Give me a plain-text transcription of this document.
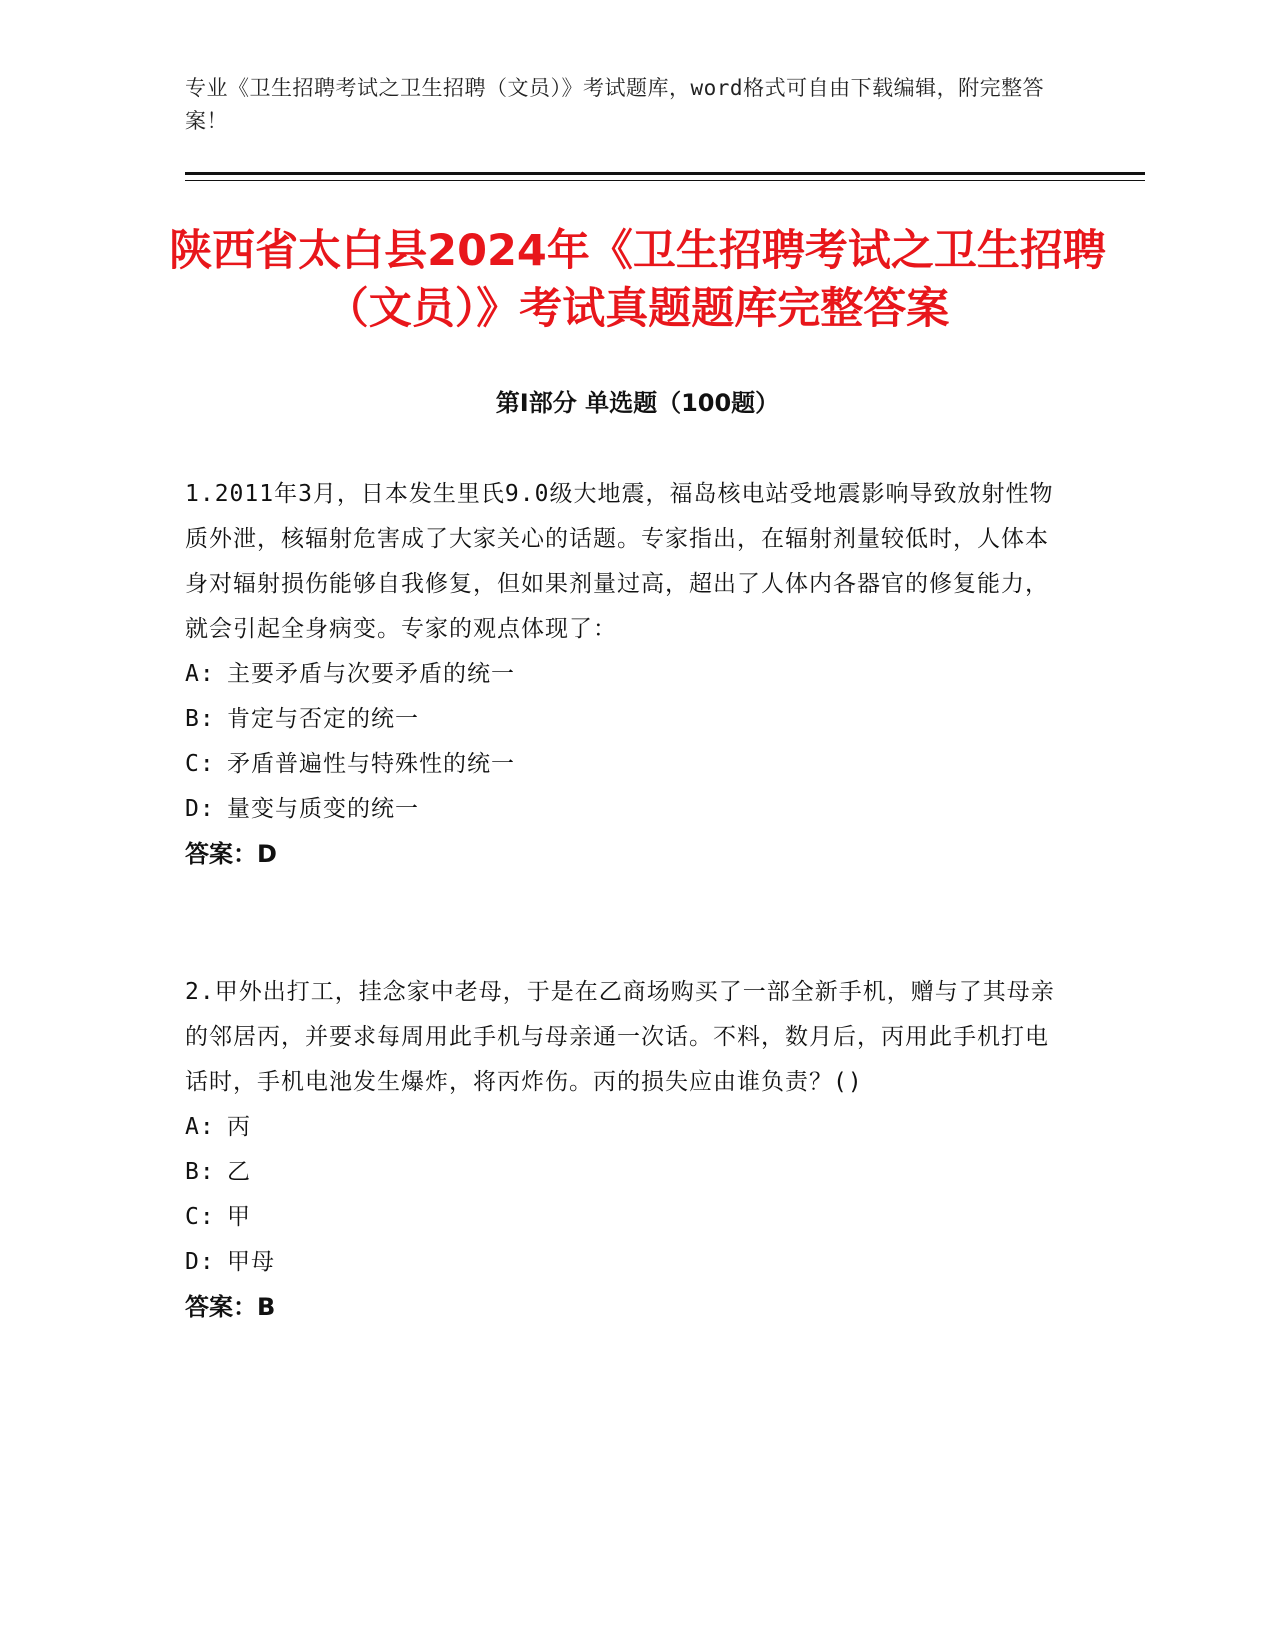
专业《卫生招聘考试之卫生招聘（文员）》考试题库，word格式可自由下载编辑，附完整答案！
陕西省太白县2024年《卫生招聘考试之卫生招聘（文员）》考试真题题库完整答案
第I部分 单选题（100题）

1.2011年3月，日本发生里氏9.0级大地震，福岛核电站受地震影响导致放射性物质外泄，核辐射危害成了大家关心的话题。专家指出，在辐射剂量较低时，人体本身对辐射损伤能够自我修复，但如果剂量过高，超出了人体内各器官的修复能力，就会引起全身病变。专家的观点体现了：

A: 主要矛盾与次要矛盾的统一
B: 肯定与否定的统一
C: 矛盾普遍性与特殊性的统一
D: 量变与质变的统一

答案：D

2.甲外出打工，挂念家中老母，于是在乙商场购买了一部全新手机，赠与了其母亲的邻居丙，并要求每周用此手机与母亲通一次话。不料，数月后，丙用此手机打电话时，手机电池发生爆炸，将丙炸伤。丙的损失应由谁负责？()

A: 丙
B: 乙
C: 甲
D: 甲母

答案：B
